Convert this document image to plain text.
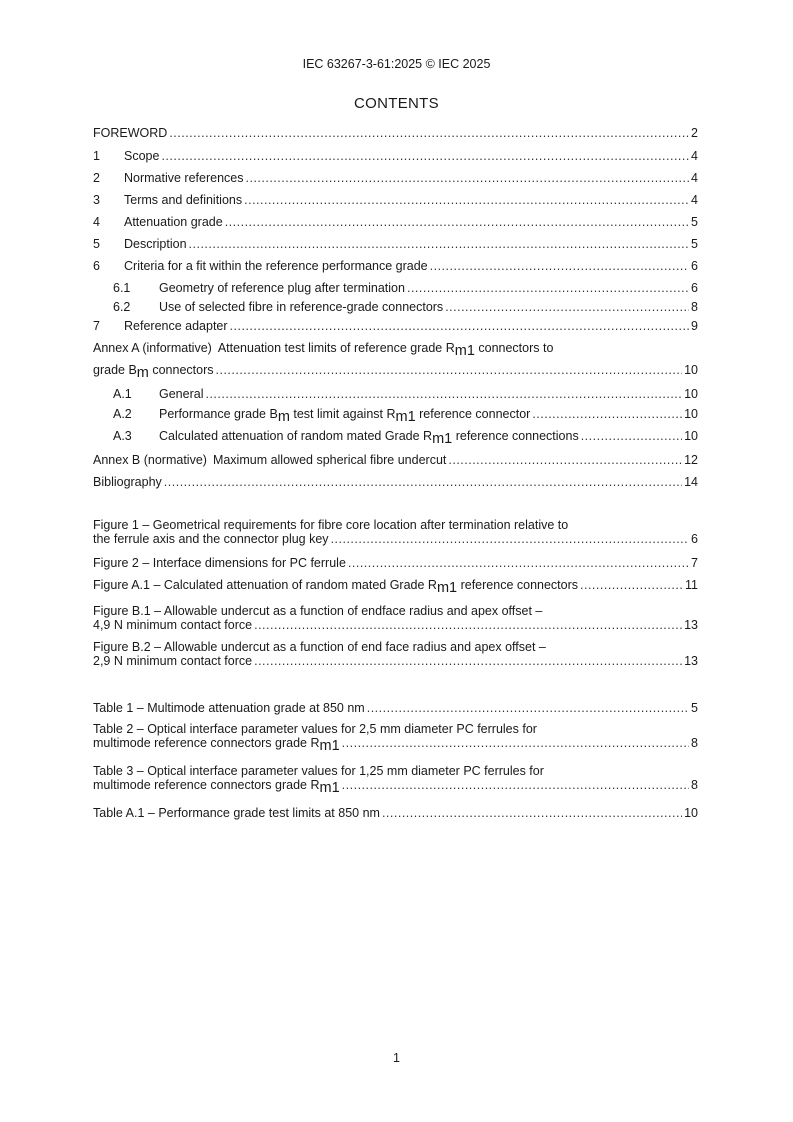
IEC 63267-3-61:2025 © IEC 2025
CONTENTS
FOREWORD .....	2
1	Scope .....	4
2	Normative references .....	4
3	Terms and definitions .....	4
4	Attenuation grade .....	5
5	Description .....	5
6	Criteria for a fit within the reference performance grade .....	6
6.1	Geometry of reference plug after termination .....	6
6.2	Use of selected fibre in reference-grade connectors .....	8
7	Reference adapter .....	9
Annex A (informative) Attenuation test limits of reference grade $R_{m1}$ connectors to
grade $B_m$ connectors .....	10
A.1	General .....	10
A.2	Performance grade $B_m$ test limit against $R_{m1}$ reference connector .....	10
A.3	Calculated attenuation of random mated Grade $R_{m1}$ reference connections .....	10
Annex B (normative) Maximum allowed spherical fibre undercut .....	12
Bibliography .....	14
Figure 1 – Geometrical requirements for fibre core location after termination relative to
the ferrule axis and the connector plug key .....	6
Figure 2 – Interface dimensions for PC ferrule .....	7
Figure A.1 – Calculated attenuation of random mated Grade $R_{m1}$ reference connectors .....	11
Figure B.1 – Allowable undercut as a function of endface radius and apex offset –
4,9 N minimum contact force .....	13
Figure B.2 – Allowable undercut as a function of end face radius and apex offset –
2,9 N minimum contact force .....	13
Table 1 – Multimode attenuation grade at 850 nm .....	5
Table 2 – Optical interface parameter values for 2,5 mm diameter PC ferrules for
multimode reference connectors grade $R_{m1}$ .....	8
Table 3 – Optical interface parameter values for 1,25 mm diameter PC ferrules for
multimode reference connectors grade $R_{m1}$ .....	8
Table A.1 – Performance grade test limits at 850 nm .....	10
1
